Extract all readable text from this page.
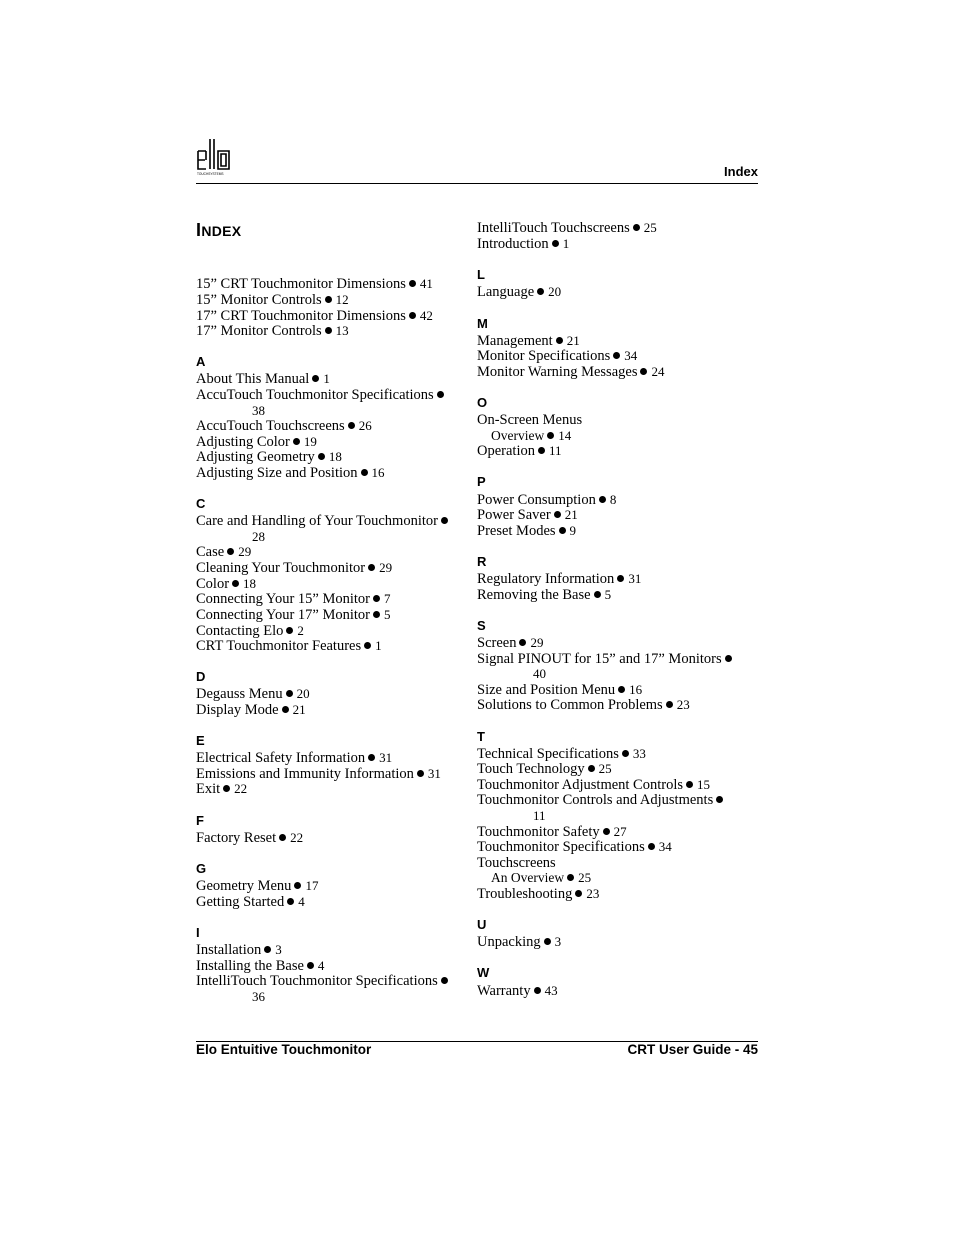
TOUCHSYSTEMS	Index
INDEX
15” CRT Touchmonitor Dimensions 41
15” Monitor Controls 12
17” CRT Touchmonitor Dimensions 42
17” Monitor Controls 13
A
About This Manual 1
AccuTouch Touchmonitor Specifications
38
AccuTouch Touchscreens 26
Adjusting Color 19
Adjusting Geometry 18
Adjusting Size and Position 16
C
Care and Handling of Your Touchmonitor
28
Case 29
Cleaning Your Touchmonitor 29
Color 18
Connecting Your 15” Monitor 7
Connecting Your 17” Monitor 5
Contacting Elo 2
CRT Touchmonitor Features 1
D
Degauss Menu 20
Display Mode 21
E
Electrical Safety Information 31
Emissions and Immunity Information 31
Exit 22
F
Factory Reset 22
G
Geometry Menu 17
Getting Started 4
I
Installation 3
Installing the Base 4
IntelliTouch Touchmonitor Specifications
36
IntelliTouch Touchscreens 25
Introduction 1
L
Language 20
M
Management 21
Monitor Specifications 34
Monitor Warning Messages 24
O
On-Screen Menus
Overview 14
Operation 11
P
Power Consumption 8
Power Saver 21
Preset Modes 9
R
Regulatory Information 31
Removing the Base 5
S
Screen 29
Signal PINOUT for 15” and 17” Monitors
40
Size and Position Menu 16
Solutions to Common Problems 23
T
Technical Specifications 33
Touch Technology 25
Touchmonitor Adjustment Controls 15
Touchmonitor Controls and Adjustments
11
Touchmonitor Safety 27
Touchmonitor Specifications 34
Touchscreens
An Overview 25
Troubleshooting 23
U
Unpacking 3
W
Warranty 43
Elo Entuitive Touchmonitor	CRT User Guide - 45
